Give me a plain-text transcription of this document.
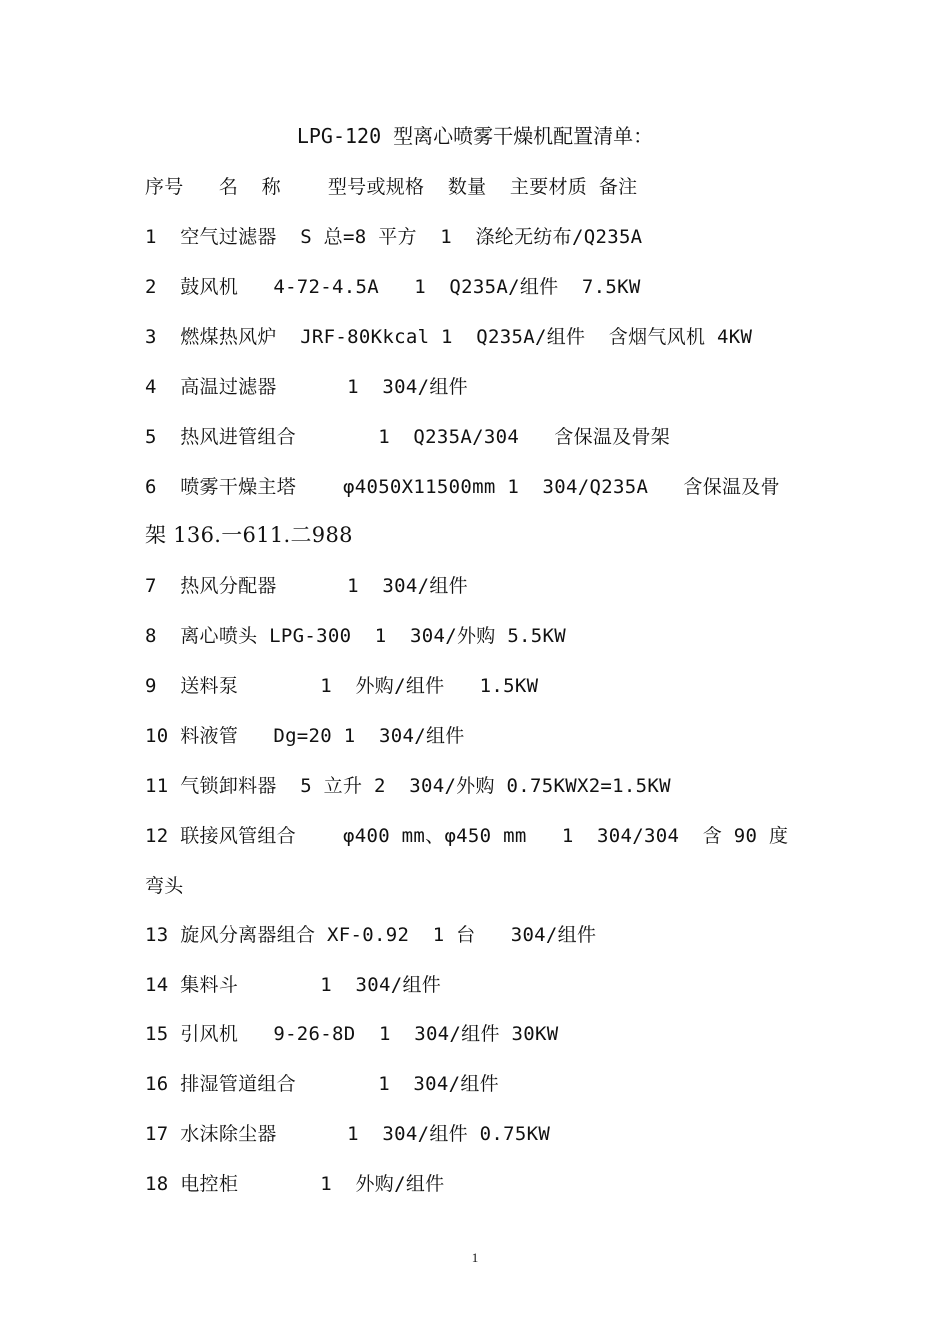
LPG-120 型离心喷雾干燥机配置清单：
序号   名  称    型号或规格  数量  主要材质 备注
1  空气过滤器  S 总=8 平方  1  涤纶无纺布/Q235A
2  鼓风机   4-72-4.5A   1  Q235A/组件  7.5KW
3  燃煤热风炉  JRF-80Kkcal 1  Q235A/组件  含烟气风机 4KW
4  高温过滤器      1  304/组件
5  热风进管组合       1  Q235A/304   含保温及骨架
6  喷雾干燥主塔    φ4050X11500mm 1  304/Q235A   含保温及骨
架 136.一611.二988
7  热风分配器      1  304/组件
8  离心喷头 LPG-300  1  304/外购 5.5KW
9  送料泵       1  外购/组件   1.5KW
10 料液管   Dg=20 1  304/组件
11 气锁卸料器  5 立升 2  304/外购 0.75KWX2=1.5KW
12 联接风管组合    φ400 mm、φ450 mm   1  304/304  含 90 度
弯头
13 旋风分离器组合 XF-0.92  1 台   304/组件
14 集料斗       1  304/组件
15 引风机   9-26-8D  1  304/组件 30KW
16 排湿管道组合       1  304/组件
17 水沫除尘器      1  304/组件 0.75KW
18 电控柜       1  外购/组件
1
